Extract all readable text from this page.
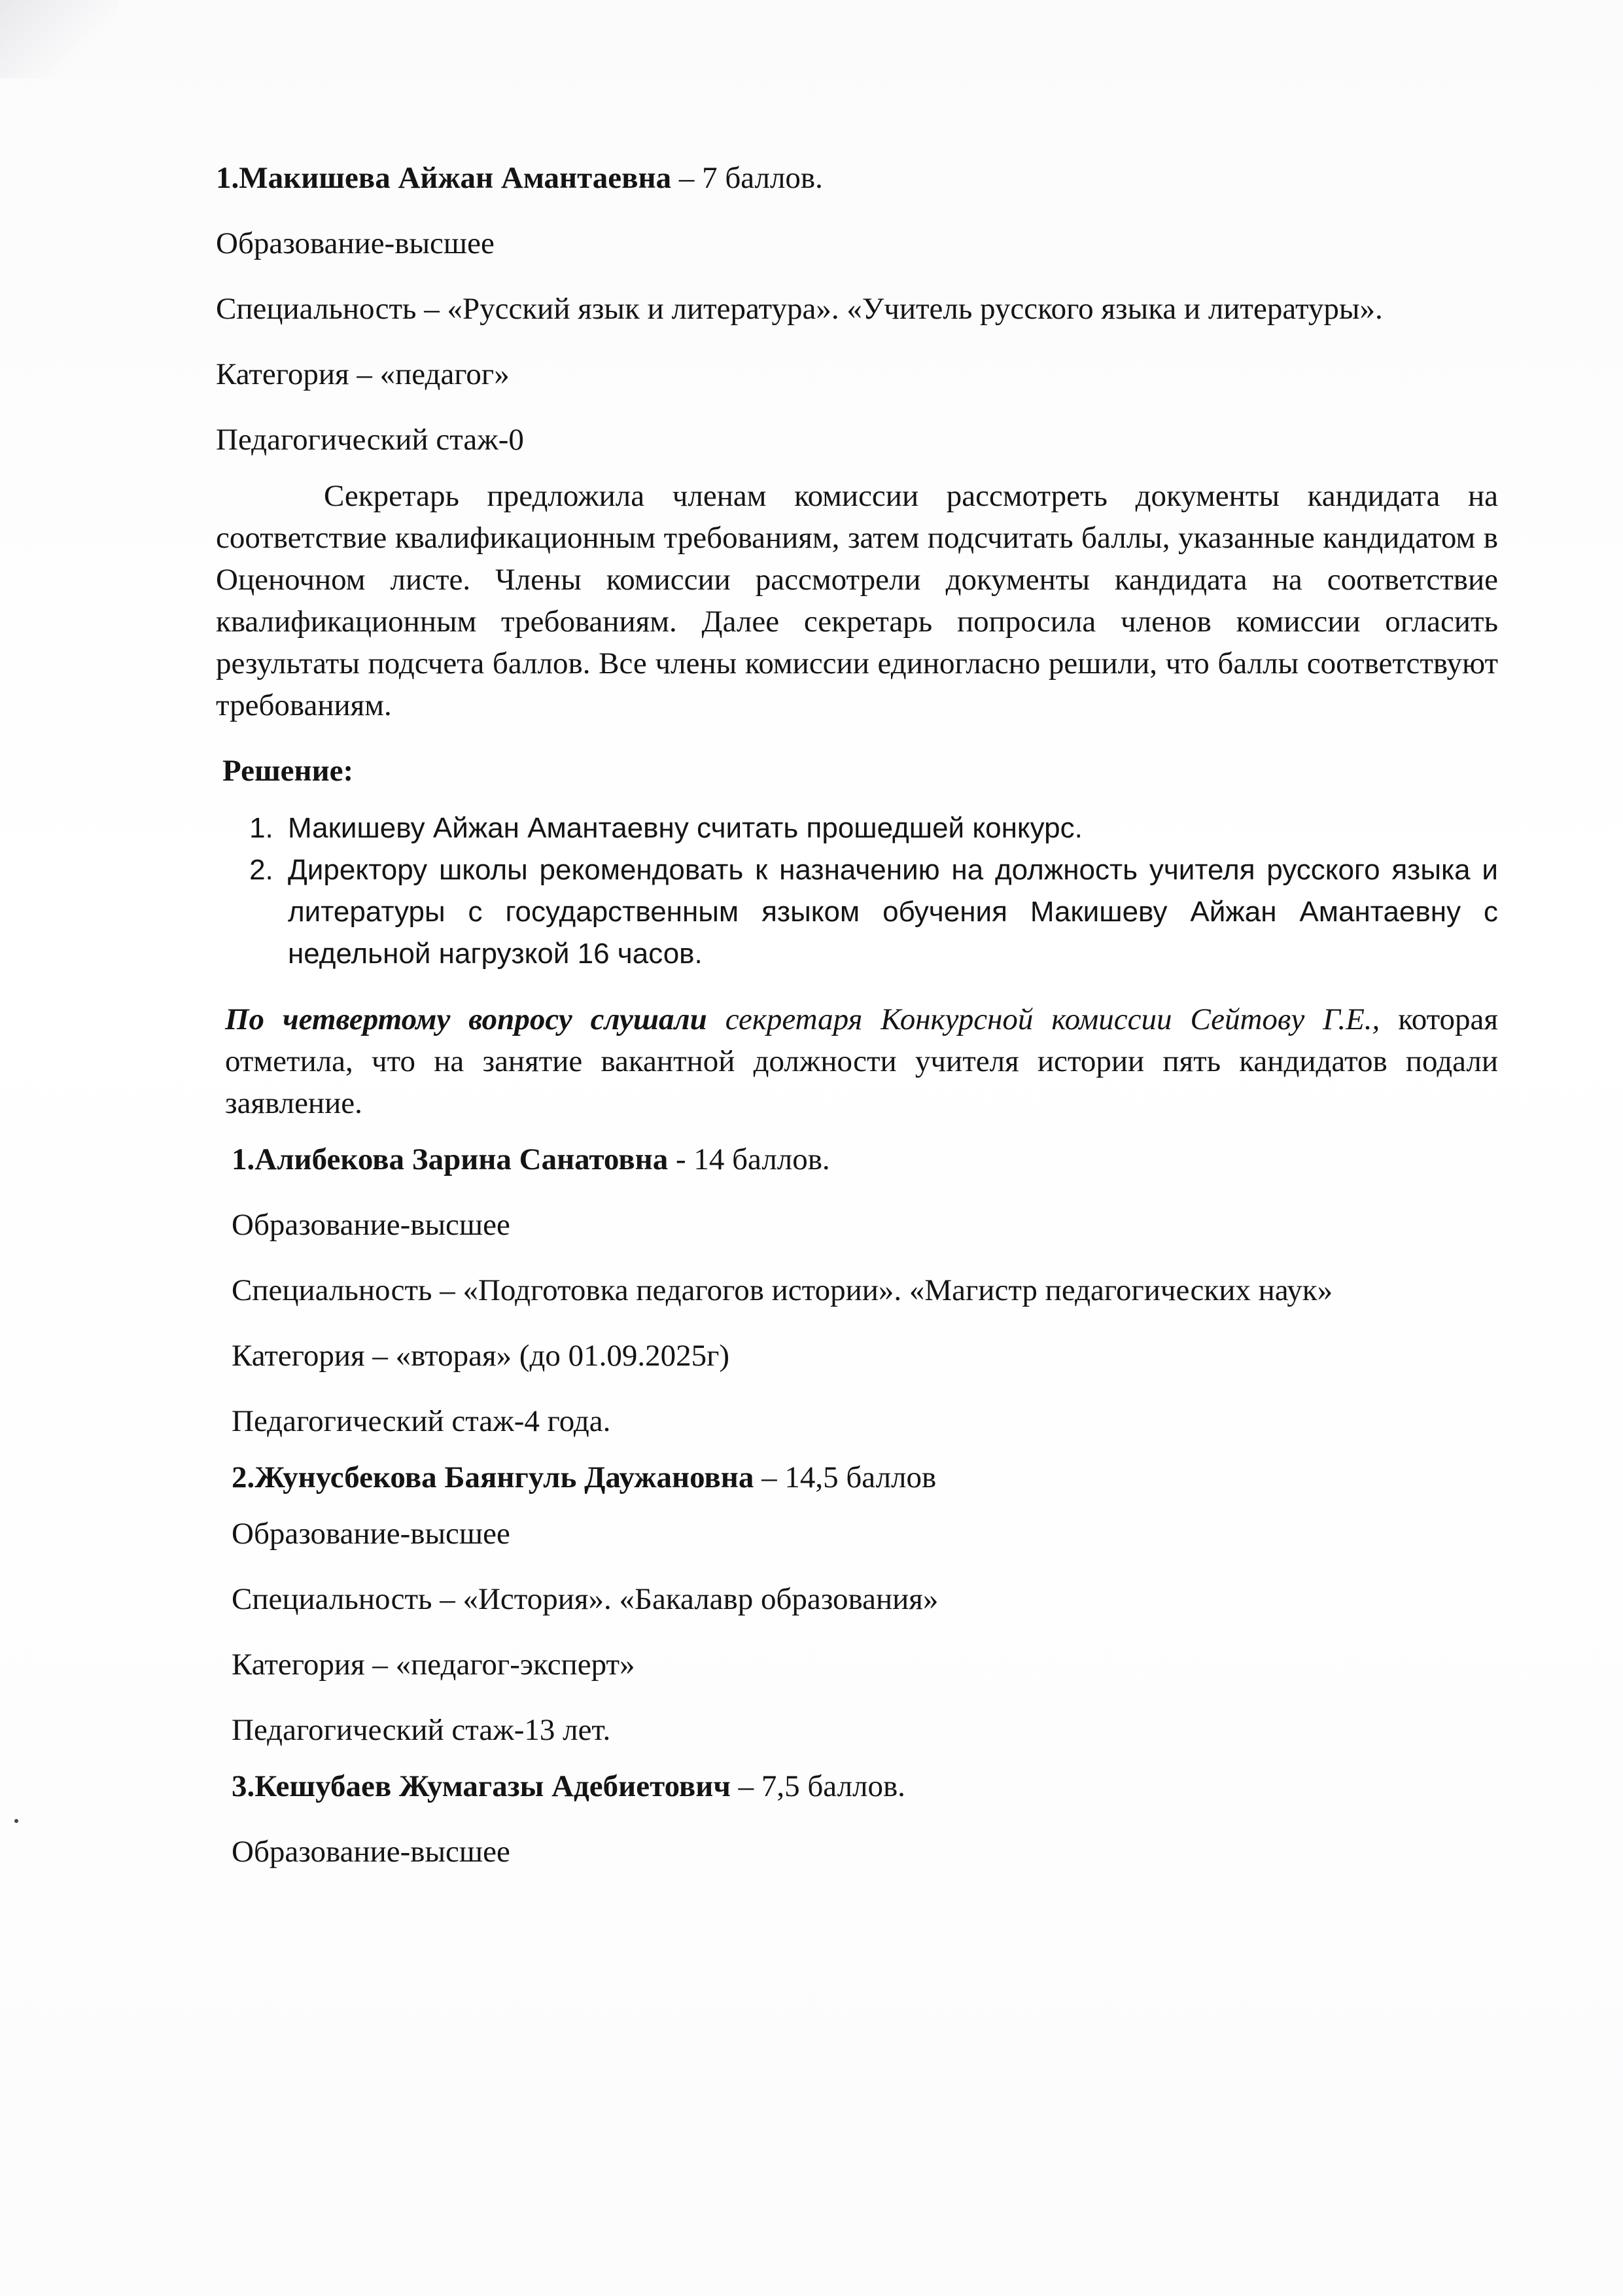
1.Макишева Айжан Амантаевна – 7 баллов.

Образование-высшее

Специальность – «Русский язык и литература». «Учитель русского языка и литературы».

Категория – «педагог»

Педагогический стаж-0

Секретарь предложила членам комиссии рассмотреть документы кандидата на соответствие квалификационным требованиям, затем подсчитать баллы, указанные кандидатом в Оценочном листе. Члены комиссии рассмотрели документы кандидата на соответствие квалификационным требованиям. Далее секретарь попросила членов комиссии огласить результаты подсчета баллов. Все члены комиссии единогласно решили, что баллы соответствуют требованиям.

Решение:

1. Макишеву Айжан Амантаевну считать прошедшей конкурс.
2. Директору школы рекомендовать к назначению на должность учителя русского языка и литературы с государственным языком обучения Макишеву Айжан Амантаевну с недельной нагрузкой 16 часов.

По четвертому вопросу слушали секретаря Конкурсной комиссии Сейтову Г.Е., которая отметила, что на занятие вакантной должности учителя истории пять кандидатов подали заявление.

1.Алибекова Зарина Санатовна - 14 баллов.

Образование-высшее

Специальность – «Подготовка педагогов истории». «Магистр педагогических наук»

Категория – «вторая» (до 01.09.2025г)

Педагогический стаж-4 года.

2.Жунусбекова Баянгуль Даужановна – 14,5 баллов

Образование-высшее

Специальность – «История». «Бакалавр образования»

Категория – «педагог-эксперт»

Педагогический стаж-13 лет.

3.Кешубаев Жумагазы Адебиетович – 7,5 баллов.

Образование-высшее
